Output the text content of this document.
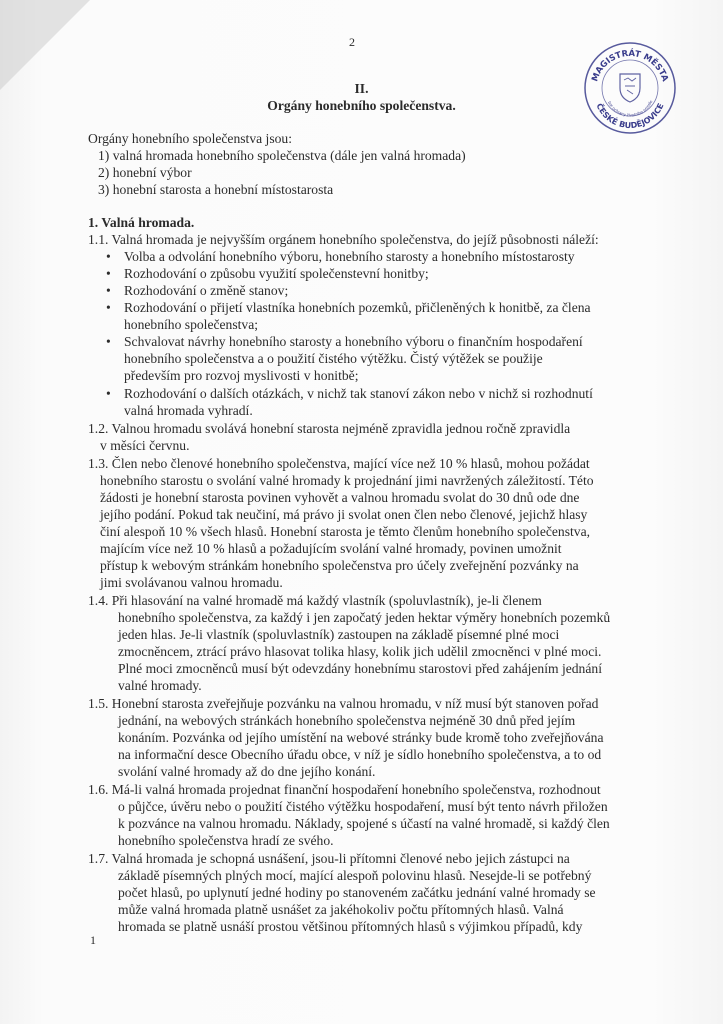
2
II.
Orgány honebního společenstva.
MAGISTRÁT MĚSTA
ČESKÉ BUDĚJOVICE
bor ochrany životního prostře
Orgány honebního společenstva jsou:
1) valná hromada honebního společenstva (dále jen valná hromada)
2) honební výbor
3) honební starosta a honební místostarosta
1. Valná hromada.
1.1. Valná hromada je nejvyšším orgánem honebního společenstva, do jejíž působnosti náleží:
• Volba a odvolání honebního výboru, honebního starosty a honebního místostarosty
• Rozhodování o způsobu využití společenstevní honitby;
• Rozhodování o změně stanov;
• Rozhodování o přijetí vlastníka honebních pozemků, přičleněných k honitbě, za člena
honebního společenstva;
• Schvalovat návrhy honebního starosty a honebního výboru o finančním hospodaření
honebního společenstva a o použití čistého výtěžku. Čistý výtěžek se použije
především pro rozvoj myslivosti v honitbě;
• Rozhodování o dalších otázkách, v nichž tak stanoví zákon nebo v nichž si rozhodnutí
valná hromada vyhradí.
1.2. Valnou hromadu svolává honební starosta nejméně zpravidla jednou ročně zpravidla
v měsíci červnu.
1.3. Člen nebo členové honebního společenstva, mající více než 10 % hlasů, mohou požádat
honebního starostu o svolání valné hromady k projednání jimi navržených záležitostí. Této
žádosti je honební starosta povinen vyhovět a valnou hromadu svolat do 30 dnů ode dne
jejího podání. Pokud tak neučiní, má právo ji svolat onen člen nebo členové, jejichž hlasy
činí alespoň 10 % všech hlasů. Honební starosta je těmto členům honebního společenstva,
majícím více než 10 % hlasů a požadujícím svolání valné hromady, povinen umožnit
přístup k webovým stránkám honebního společenstva pro účely zveřejnění pozvánky na
jimi svolávanou valnou hromadu.
1.4. Při hlasování na valné hromadě má každý vlastník (spoluvlastník), je-li členem
honebního společenstva, za každý i jen započatý jeden hektar výměry honebních pozemků
jeden hlas. Je-li vlastník (spoluvlastník) zastoupen na základě písemné plné moci
zmocněncem, ztrácí právo hlasovat tolika hlasy, kolik jich udělil zmocněnci v plné moci.
Plné moci zmocněnců musí být odevzdány honebnímu starostovi před zahájením jednání
valné hromady.
1.5. Honební starosta zveřejňuje pozvánku na valnou hromadu, v níž musí být stanoven pořad
jednání, na webových stránkách honebního společenstva nejméně 30 dnů před jejím
konáním. Pozvánka od jejího umístění na webové stránky bude kromě toho zveřejňována
na informační desce Obecního úřadu obce, v níž je sídlo honebního společenstva, a to od
svolání valné hromady až do dne jejího konání.
1.6. Má-li valná hromada projednat finanční hospodaření honebního společenstva, rozhodnout
o půjčce, úvěru nebo o použití čistého výtěžku hospodaření, musí být tento návrh přiložen
k pozvánce na valnou hromadu. Náklady, spojené s účastí na valné hromadě, si každý člen
honebního společenstva hradí ze svého.
1.7. Valná hromada je schopná usnášení, jsou-li přítomni členové nebo jejich zástupci na
základě písemných plných mocí, mající alespoň polovinu hlasů. Nesejde-li se potřebný
počet hlasů, po uplynutí jedné hodiny po stanoveném začátku jednání valné hromady se
může valná hromada platně usnášet za jakéhokoliv počtu přítomných hlasů. Valná
hromada se platně usnáší prostou většinou přítomných hlasů s výjimkou případů, kdy
1
